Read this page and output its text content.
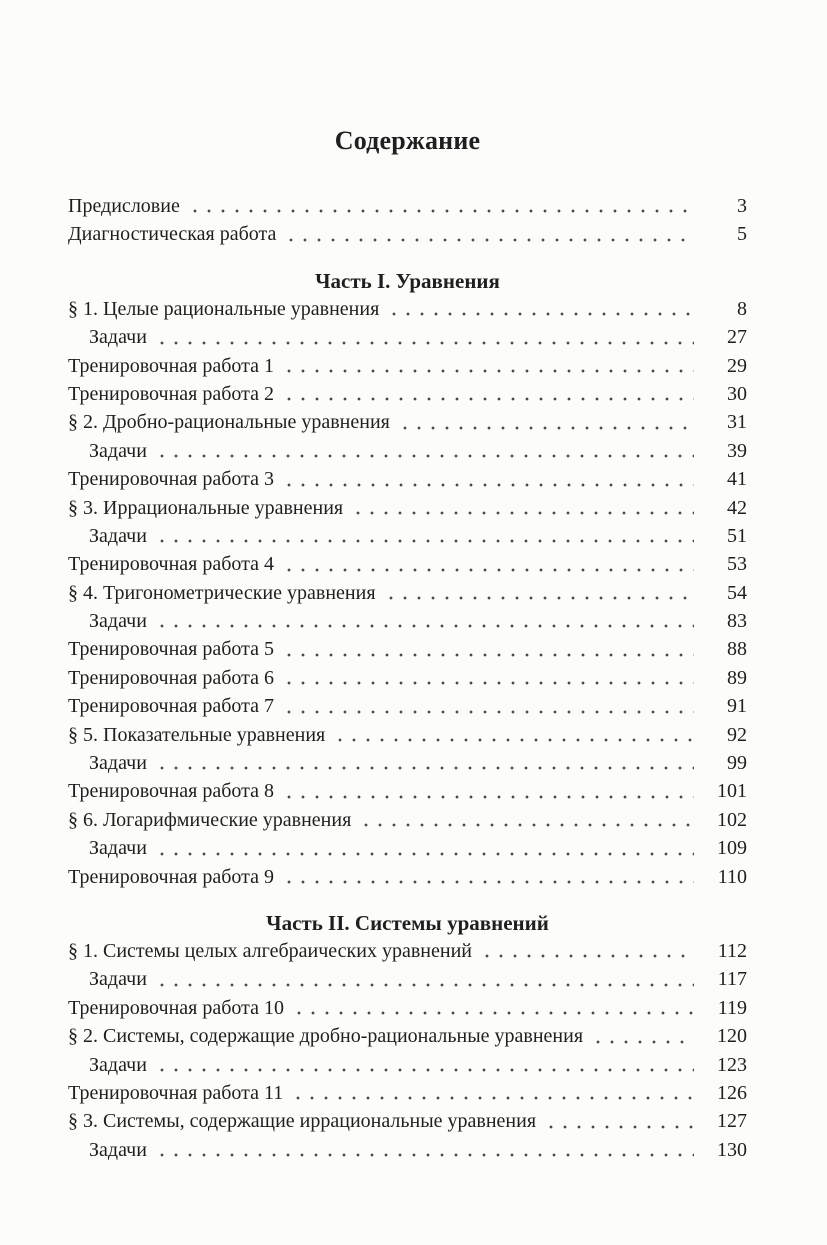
Содержание
Предисловие	3
Диагностическая работа	5
Часть I. Уравнения
§ 1. Целые рациональные уравнения	8
Задачи	27
Тренировочная работа 1	29
Тренировочная работа 2	30
§ 2. Дробно-рациональные уравнения	31
Задачи	39
Тренировочная работа 3	41
§ 3. Иррациональные уравнения	42
Задачи	51
Тренировочная работа 4	53
§ 4. Тригонометрические уравнения	54
Задачи	83
Тренировочная работа 5	88
Тренировочная работа 6	89
Тренировочная работа 7	91
§ 5. Показательные уравнения	92
Задачи	99
Тренировочная работа 8	101
§ 6. Логарифмические уравнения	102
Задачи	109
Тренировочная работа 9	110
Часть II. Системы уравнений
§ 1. Системы целых алгебраических уравнений	112
Задачи	117
Тренировочная работа 10	119
§ 2. Системы, содержащие дробно-рациональные уравнения	120
Задачи	123
Тренировочная работа 11	126
§ 3. Системы, содержащие иррациональные уравнения	127
Задачи	130
